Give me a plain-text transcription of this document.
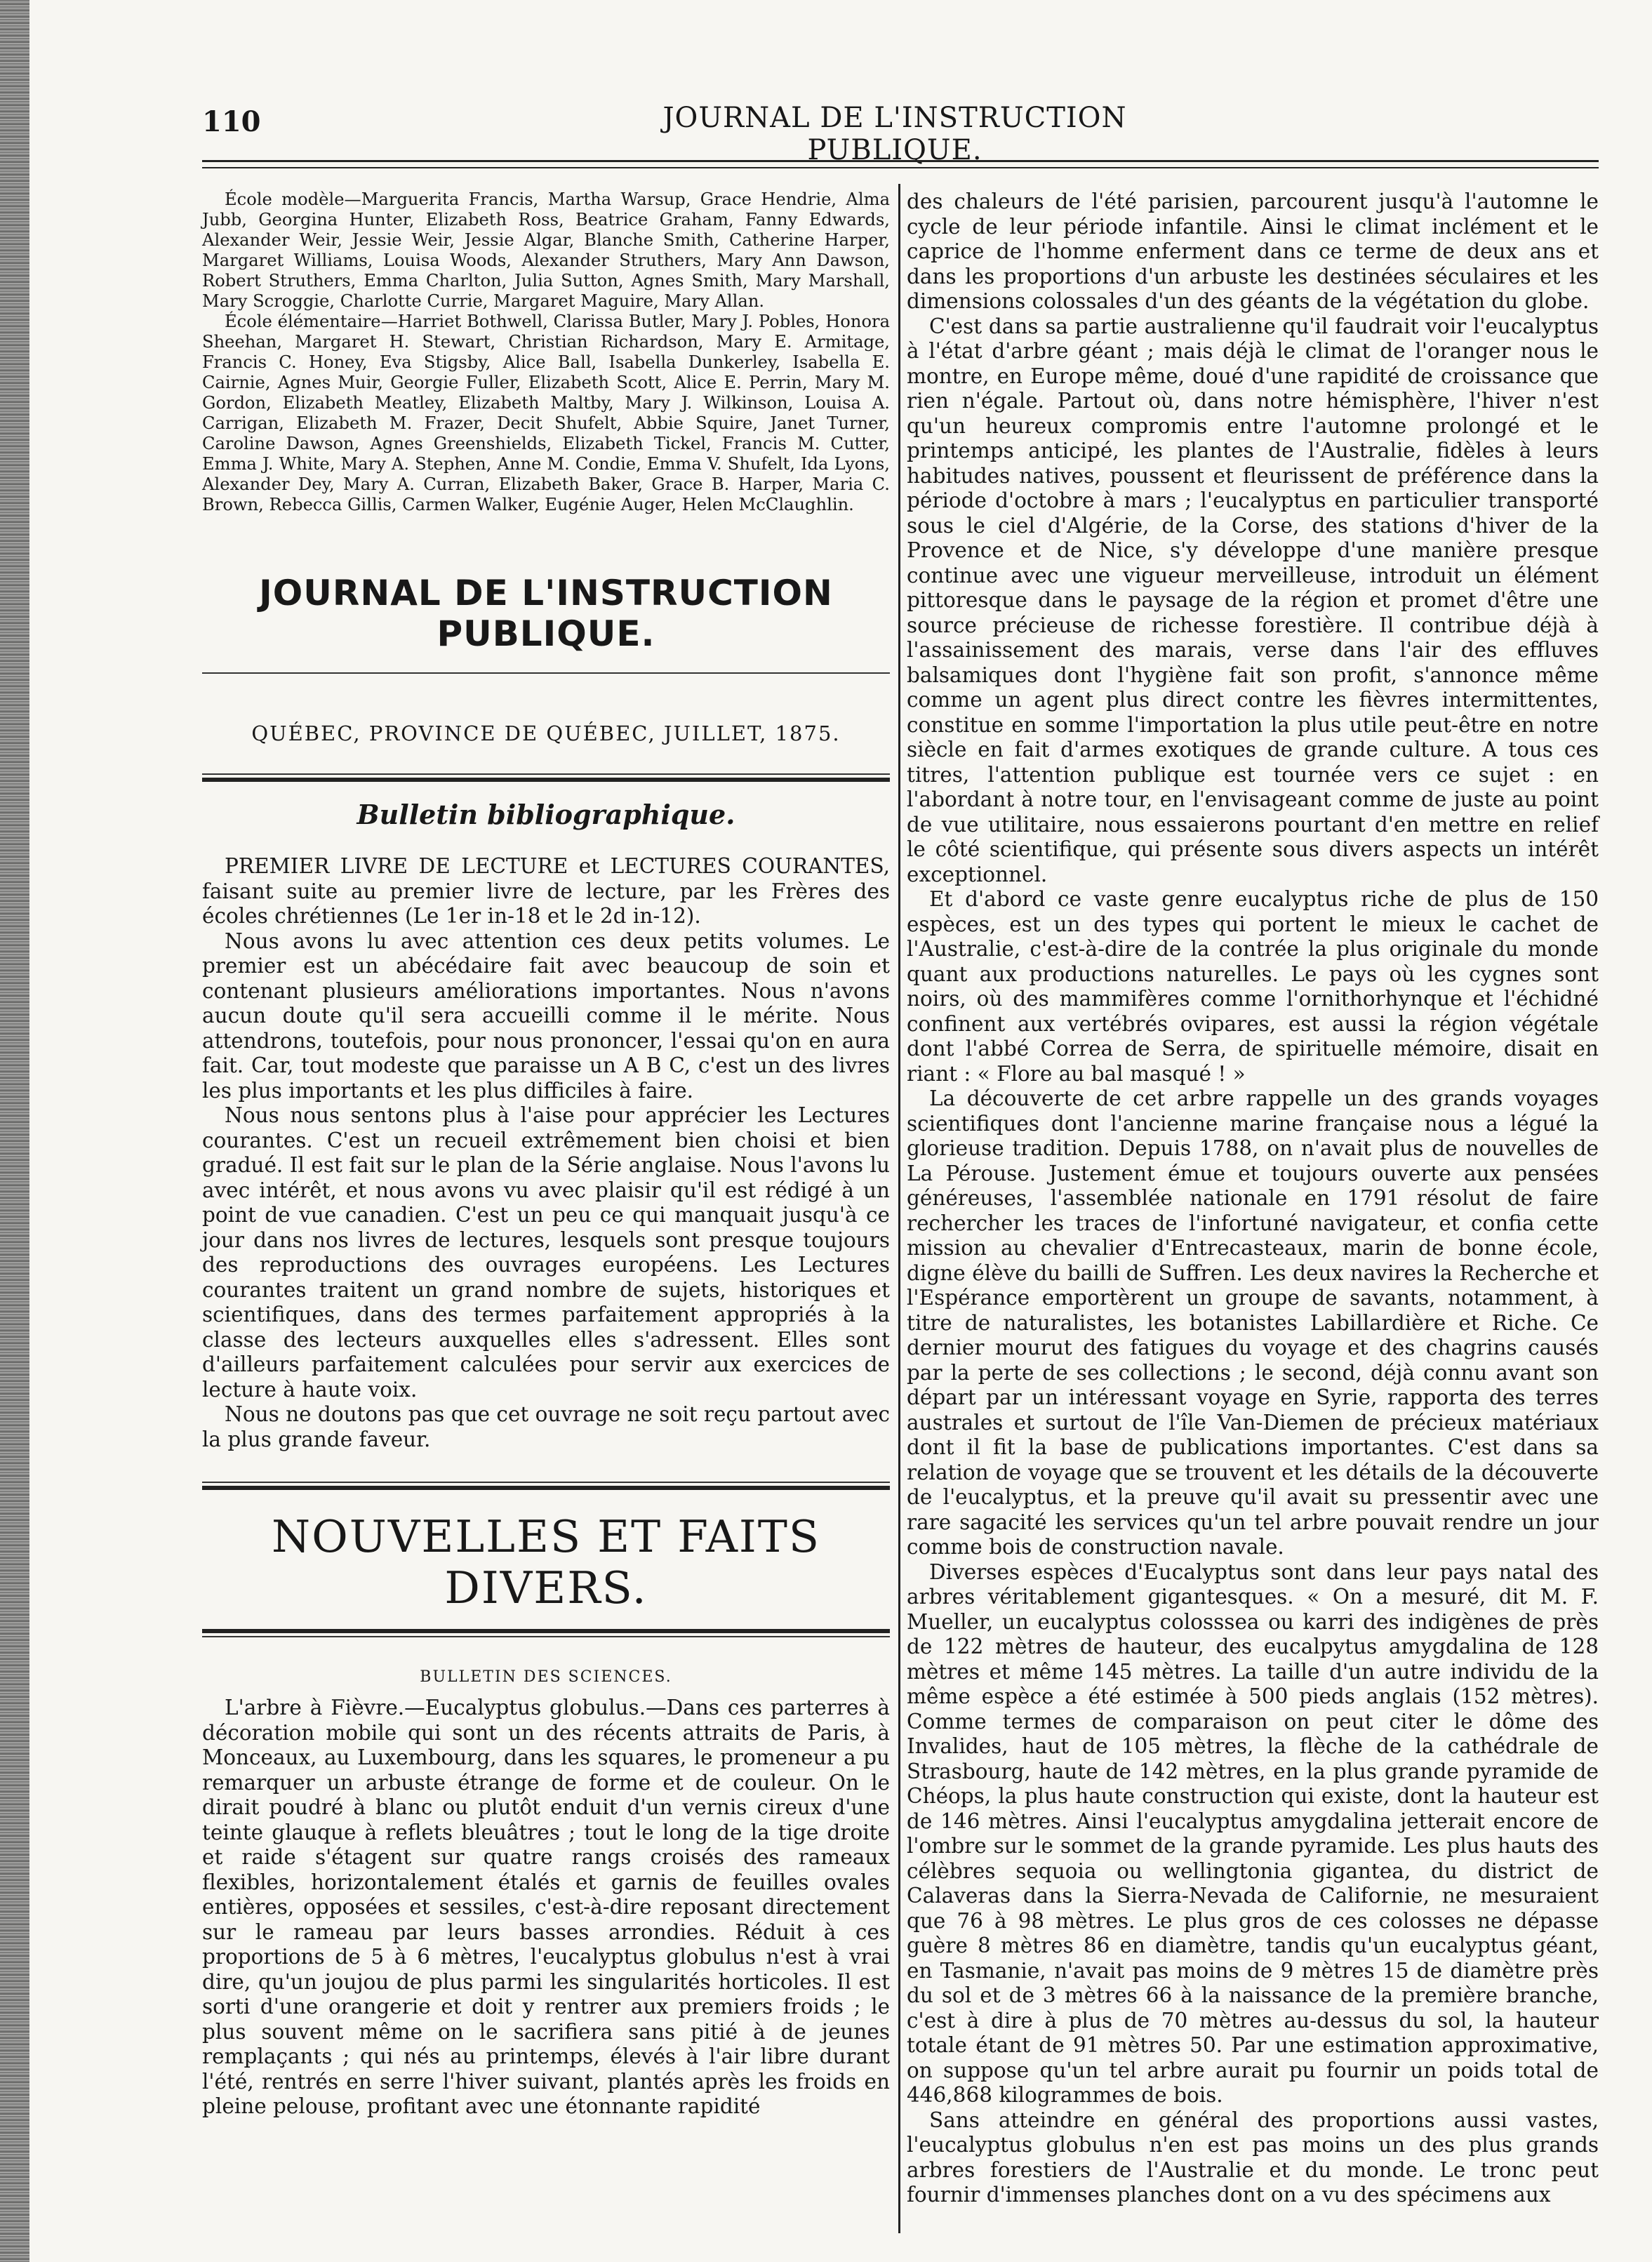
110	JOURNAL DE L'INSTRUCTION PUBLIQUE.

École modèle—Marguerita Francis, Martha Warsup, Grace Hendrie, Alma Jubb, Georgina Hunter, Elizabeth Ross, Beatrice Graham, Fanny Edwards, Alexander Weir, Jessie Weir, Jessie Algar, Blanche Smith, Catherine Harper, Margaret Williams, Louisa Woods, Alexander Struthers, Mary Ann Dawson, Robert Struthers, Emma Charlton, Julia Sutton, Agnes Smith, Mary Marshall, Mary Scroggie, Charlotte Currie, Margaret Maguire, Mary Allan.

École élémentaire—Harriet Bothwell, Clarissa Butler, Mary J. Pobles, Honora Sheehan, Margaret H. Stewart, Christian Richardson, Mary E. Armitage, Francis C. Honey, Eva Stigsby, Alice Ball, Isabella Dunkerley, Isabella E. Cairnie, Agnes Muir, Georgie Fuller, Elizabeth Scott, Alice E. Perrin, Mary M. Gordon, Elizabeth Meatley, Elizabeth Maltby, Mary J. Wilkinson, Louisa A. Carrigan, Elizabeth M. Frazer, Decit Shufelt, Abbie Squire, Janet Turner, Caroline Dawson, Agnes Greenshields, Elizabeth Tickel, Francis M. Cutter, Emma J. White, Mary A. Stephen, Anne M. Condie, Emma V. Shufelt, Ida Lyons, Alexander Dey, Mary A. Curran, Elizabeth Baker, Grace B. Harper, Maria C. Brown, Rebecca Gillis, Carmen Walker, Eugénie Auger, Helen McClaughlin.

JOURNAL DE L'INSTRUCTION PUBLIQUE.
QUÉBEC, PROVINCE DE QUÉBEC, JUILLET, 1875.
Bulletin bibliographique.

PREMIER LIVRE DE LECTURE et LECTURES COURANTES, faisant suite au premier livre de lecture, par les Frères des écoles chrétiennes (Le 1er in-18 et le 2d in-12).

Nous avons lu avec attention ces deux petits volumes. Le premier est un abécédaire fait avec beaucoup de soin et contenant plusieurs améliorations importantes. Nous n'avons aucun doute qu'il sera accueilli comme il le mérite. Nous attendrons, toutefois, pour nous prononcer, l'essai qu'on en aura fait. Car, tout modeste que paraisse un A B C, c'est un des livres les plus importants et les plus difficiles à faire.

Nous nous sentons plus à l'aise pour apprécier les Lectures courantes. C'est un recueil extrêmement bien choisi et bien gradué. Il est fait sur le plan de la Série anglaise. Nous l'avons lu avec intérêt, et nous avons vu avec plaisir qu'il est rédigé à un point de vue canadien. C'est un peu ce qui manquait jusqu'à ce jour dans nos livres de lectures, lesquels sont presque toujours des reproductions des ouvrages européens. Les Lectures courantes traitent un grand nombre de sujets, historiques et scientifiques, dans des termes parfaitement appropriés à la classe des lecteurs auxquelles elles s'adressent. Elles sont d'ailleurs parfaitement calculées pour servir aux exercices de lecture à haute voix.

Nous ne doutons pas que cet ouvrage ne soit reçu partout avec la plus grande faveur.

NOUVELLES ET FAITS DIVERS.
BULLETIN DES SCIENCES.

L'arbre à Fièvre.—Eucalyptus globulus.—Dans ces parterres à décoration mobile qui sont un des récents attraits de Paris, à Monceaux, au Luxembourg, dans les squares, le promeneur a pu remarquer un arbuste étrange de forme et de couleur. On le dirait poudré à blanc ou plutôt enduit d'un vernis cireux d'une teinte glauque à reflets bleuâtres ; tout le long de la tige droite et raide s'étagent sur quatre rangs croisés des rameaux flexibles, horizontalement étalés et garnis de feuilles ovales entières, opposées et sessiles, c'est-à-dire reposant directement sur le rameau par leurs basses arrondies. Réduit à ces proportions de 5 à 6 mètres, l'eucalyptus globulus n'est à vrai dire, qu'un joujou de plus parmi les singularités horticoles. Il est sorti d'une orangerie et doit y rentrer aux premiers froids ; le plus souvent même on le sacrifiera sans pitié à de jeunes remplaçants ; qui nés au printemps, élevés à l'air libre durant l'été, rentrés en serre l'hiver suivant, plantés après les froids en pleine pelouse, profitant avec une étonnante rapidité

des chaleurs de l'été parisien, parcourent jusqu'à l'automne le cycle de leur période infantile. Ainsi le climat inclément et le caprice de l'homme enferment dans ce terme de deux ans et dans les proportions d'un arbuste les destinées séculaires et les dimensions colossales d'un des géants de la végétation du globe.

C'est dans sa partie australienne qu'il faudrait voir l'eucalyptus à l'état d'arbre géant ; mais déjà le climat de l'oranger nous le montre, en Europe même, doué d'une rapidité de croissance que rien n'égale. Partout où, dans notre hémisphère, l'hiver n'est qu'un heureux compromis entre l'automne prolongé et le printemps anticipé, les plantes de l'Australie, fidèles à leurs habitudes natives, poussent et fleurissent de préférence dans la période d'octobre à mars ; l'eucalyptus en particulier transporté sous le ciel d'Algérie, de la Corse, des stations d'hiver de la Provence et de Nice, s'y développe d'une manière presque continue avec une vigueur merveilleuse, introduit un élément pittoresque dans le paysage de la région et promet d'être une source précieuse de richesse forestière. Il contribue déjà à l'assainissement des marais, verse dans l'air des effluves balsamiques dont l'hygiène fait son profit, s'annonce même comme un agent plus direct contre les fièvres intermittentes, constitue en somme l'importation la plus utile peut-être en notre siècle en fait d'armes exotiques de grande culture. A tous ces titres, l'attention publique est tournée vers ce sujet : en l'abordant à notre tour, en l'envisageant comme de juste au point de vue utilitaire, nous essaierons pourtant d'en mettre en relief le côté scientifique, qui présente sous divers aspects un intérêt exceptionnel.

Et d'abord ce vaste genre eucalyptus riche de plus de 150 espèces, est un des types qui portent le mieux le cachet de l'Australie, c'est-à-dire de la contrée la plus originale du monde quant aux productions naturelles. Le pays où les cygnes sont noirs, où des mammifères comme l'ornithorhynque et l'échidné confinent aux vertébrés ovipares, est aussi la région végétale dont l'abbé Correa de Serra, de spirituelle mémoire, disait en riant : « Flore au bal masqué ! »

La découverte de cet arbre rappelle un des grands voyages scientifiques dont l'ancienne marine française nous a légué la glorieuse tradition. Depuis 1788, on n'avait plus de nouvelles de La Pérouse. Justement émue et toujours ouverte aux pensées généreuses, l'assemblée nationale en 1791 résolut de faire rechercher les traces de l'infortuné navigateur, et confia cette mission au chevalier d'Entrecasteaux, marin de bonne école, digne élève du bailli de Suffren. Les deux navires la Recherche et l'Espérance emportèrent un groupe de savants, notamment, à titre de naturalistes, les botanistes Labillardière et Riche. Ce dernier mourut des fatigues du voyage et des chagrins causés par la perte de ses collections ; le second, déjà connu avant son départ par un intéressant voyage en Syrie, rapporta des terres australes et surtout de l'île Van-Diemen de précieux matériaux dont il fit la base de publications importantes. C'est dans sa relation de voyage que se trouvent et les détails de la découverte de l'eucalyptus, et la preuve qu'il avait su pressentir avec une rare sagacité les services qu'un tel arbre pouvait rendre un jour comme bois de construction navale.

Diverses espèces d'Eucalyptus sont dans leur pays natal des arbres véritablement gigantesques. « On a mesuré, dit M. F. Mueller, un eucalyptus colosssea ou karri des indigènes de près de 122 mètres de hauteur, des eucalpytus amygdalina de 128 mètres et même 145 mètres. La taille d'un autre individu de la même espèce a été estimée à 500 pieds anglais (152 mètres). Comme termes de comparaison on peut citer le dôme des Invalides, haut de 105 mètres, la flèche de la cathédrale de Strasbourg, haute de 142 mètres, en la plus grande pyramide de Chéops, la plus haute construction qui existe, dont la hauteur est de 146 mètres. Ainsi l'eucalyptus amygdalina jetterait encore de l'ombre sur le sommet de la grande pyramide. Les plus hauts des célèbres sequoia ou wellingtonia gigantea, du district de Calaveras dans la Sierra-Nevada de Californie, ne mesuraient que 76 à 98 mètres. Le plus gros de ces colosses ne dépasse guère 8 mètres 86 en diamètre, tandis qu'un eucalyptus géant, en Tasmanie, n'avait pas moins de 9 mètres 15 de diamètre près du sol et de 3 mètres 66 à la naissance de la première branche, c'est à dire à plus de 70 mètres au-dessus du sol, la hauteur totale étant de 91 mètres 50. Par une estimation approximative, on suppose qu'un tel arbre aurait pu fournir un poids total de 446,868 kilogrammes de bois.

Sans atteindre en général des proportions aussi vastes, l'eucalyptus globulus n'en est pas moins un des plus grands arbres forestiers de l'Australie et du monde. Le tronc peut fournir d'immenses planches dont on a vu des spécimens aux
